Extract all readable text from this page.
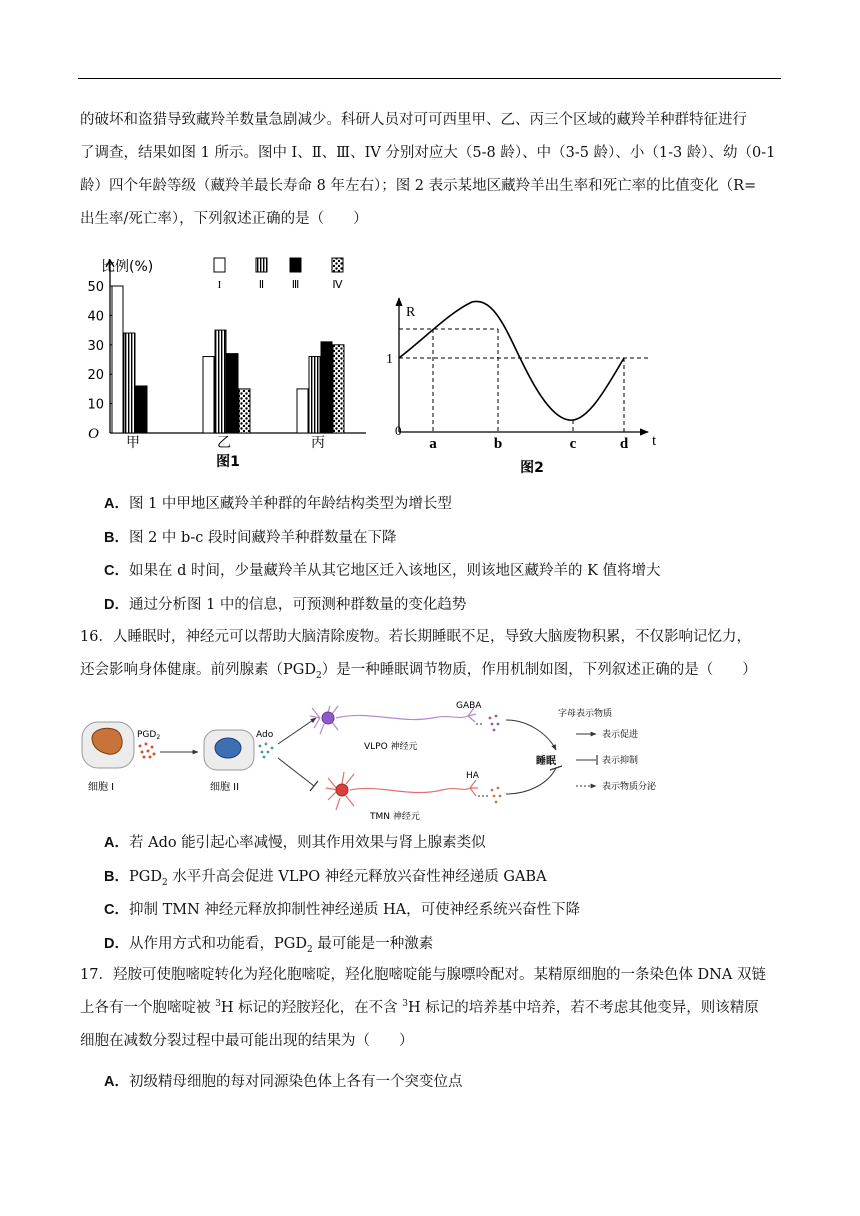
的破坏和盗猎导致藏羚羊数量急剧减少。科研人员对可可西里甲、乙、丙三个区域的藏羚羊种群特征进行
了调查，结果如图 1 所示。图中 I、Ⅱ、Ⅲ、IV 分别对应大（5-8 龄）、中（3-5 龄）、小（1-3 龄）、幼（0-1
龄）四个年龄等级（藏羚羊最长寿命 8 年左右）；图 2 表示某地区藏羚羊出生率和死亡率的比值变化（R=
出生率/死亡率），下列叙述正确的是（　　）
10
20
30
40
50
甲	乙	丙
I	Ⅱ Ⅲ	Ⅳ
比例(%)
O
图1
R
1
0
t
a	b	c	d
图2
A．图 1 中甲地区藏羚羊种群的年龄结构类型为增长型
B．图 2 中 b-c 段时间藏羚羊种群数量在下降
C．如果在 d 时间，少量藏羚羊从其它地区迁入该地区，则该地区藏羚羊的 K 值将增大
D．通过分析图 1 中的信息，可预测种群数量的变化趋势
16．人睡眠时，神经元可以帮助大脑清除废物。若长期睡眠不足，导致大脑废物积累，不仅影响记忆力，
还会影响身体健康。前列腺素$(PGD_2)$是一种睡眠调节物质，作用机制如图，下列叙述正确的是（　　）
细胞 I
$PGD_2$
细胞 II
Ado
VLPO 神经元
GABA
TMN 神经元
HA
睡眠
字母表示物质
表示促进
表示抑制
表示物质分泌
A．若 Ado 能引起心率减慢，则其作用效果与肾上腺素类似
B．$PGD_2$ 水平升高会促进 VLPO 神经元释放兴奋性神经递质 GABA
C．抑制 TMN 神经元释放抑制性神经递质 HA，可使神经系统兴奋性下降
D．从作用方式和功能看，$PGD_2$ 最可能是一种激素
17．羟胺可使胞嘧啶转化为羟化胞嘧啶，羟化胞嘧啶能与腺嘌呤配对。某精原细胞的一条染色体 DNA 双链
上各有一个胞嘧啶被 $^3$H 标记的羟胺羟化，在不含 $^3$H 标记的培养基中培养，若不考虑其他变异，则该精原
细胞在减数分裂过程中最可能出现的结果为（　　）
A．初级精母细胞的每对同源染色体上各有一个突变位点
